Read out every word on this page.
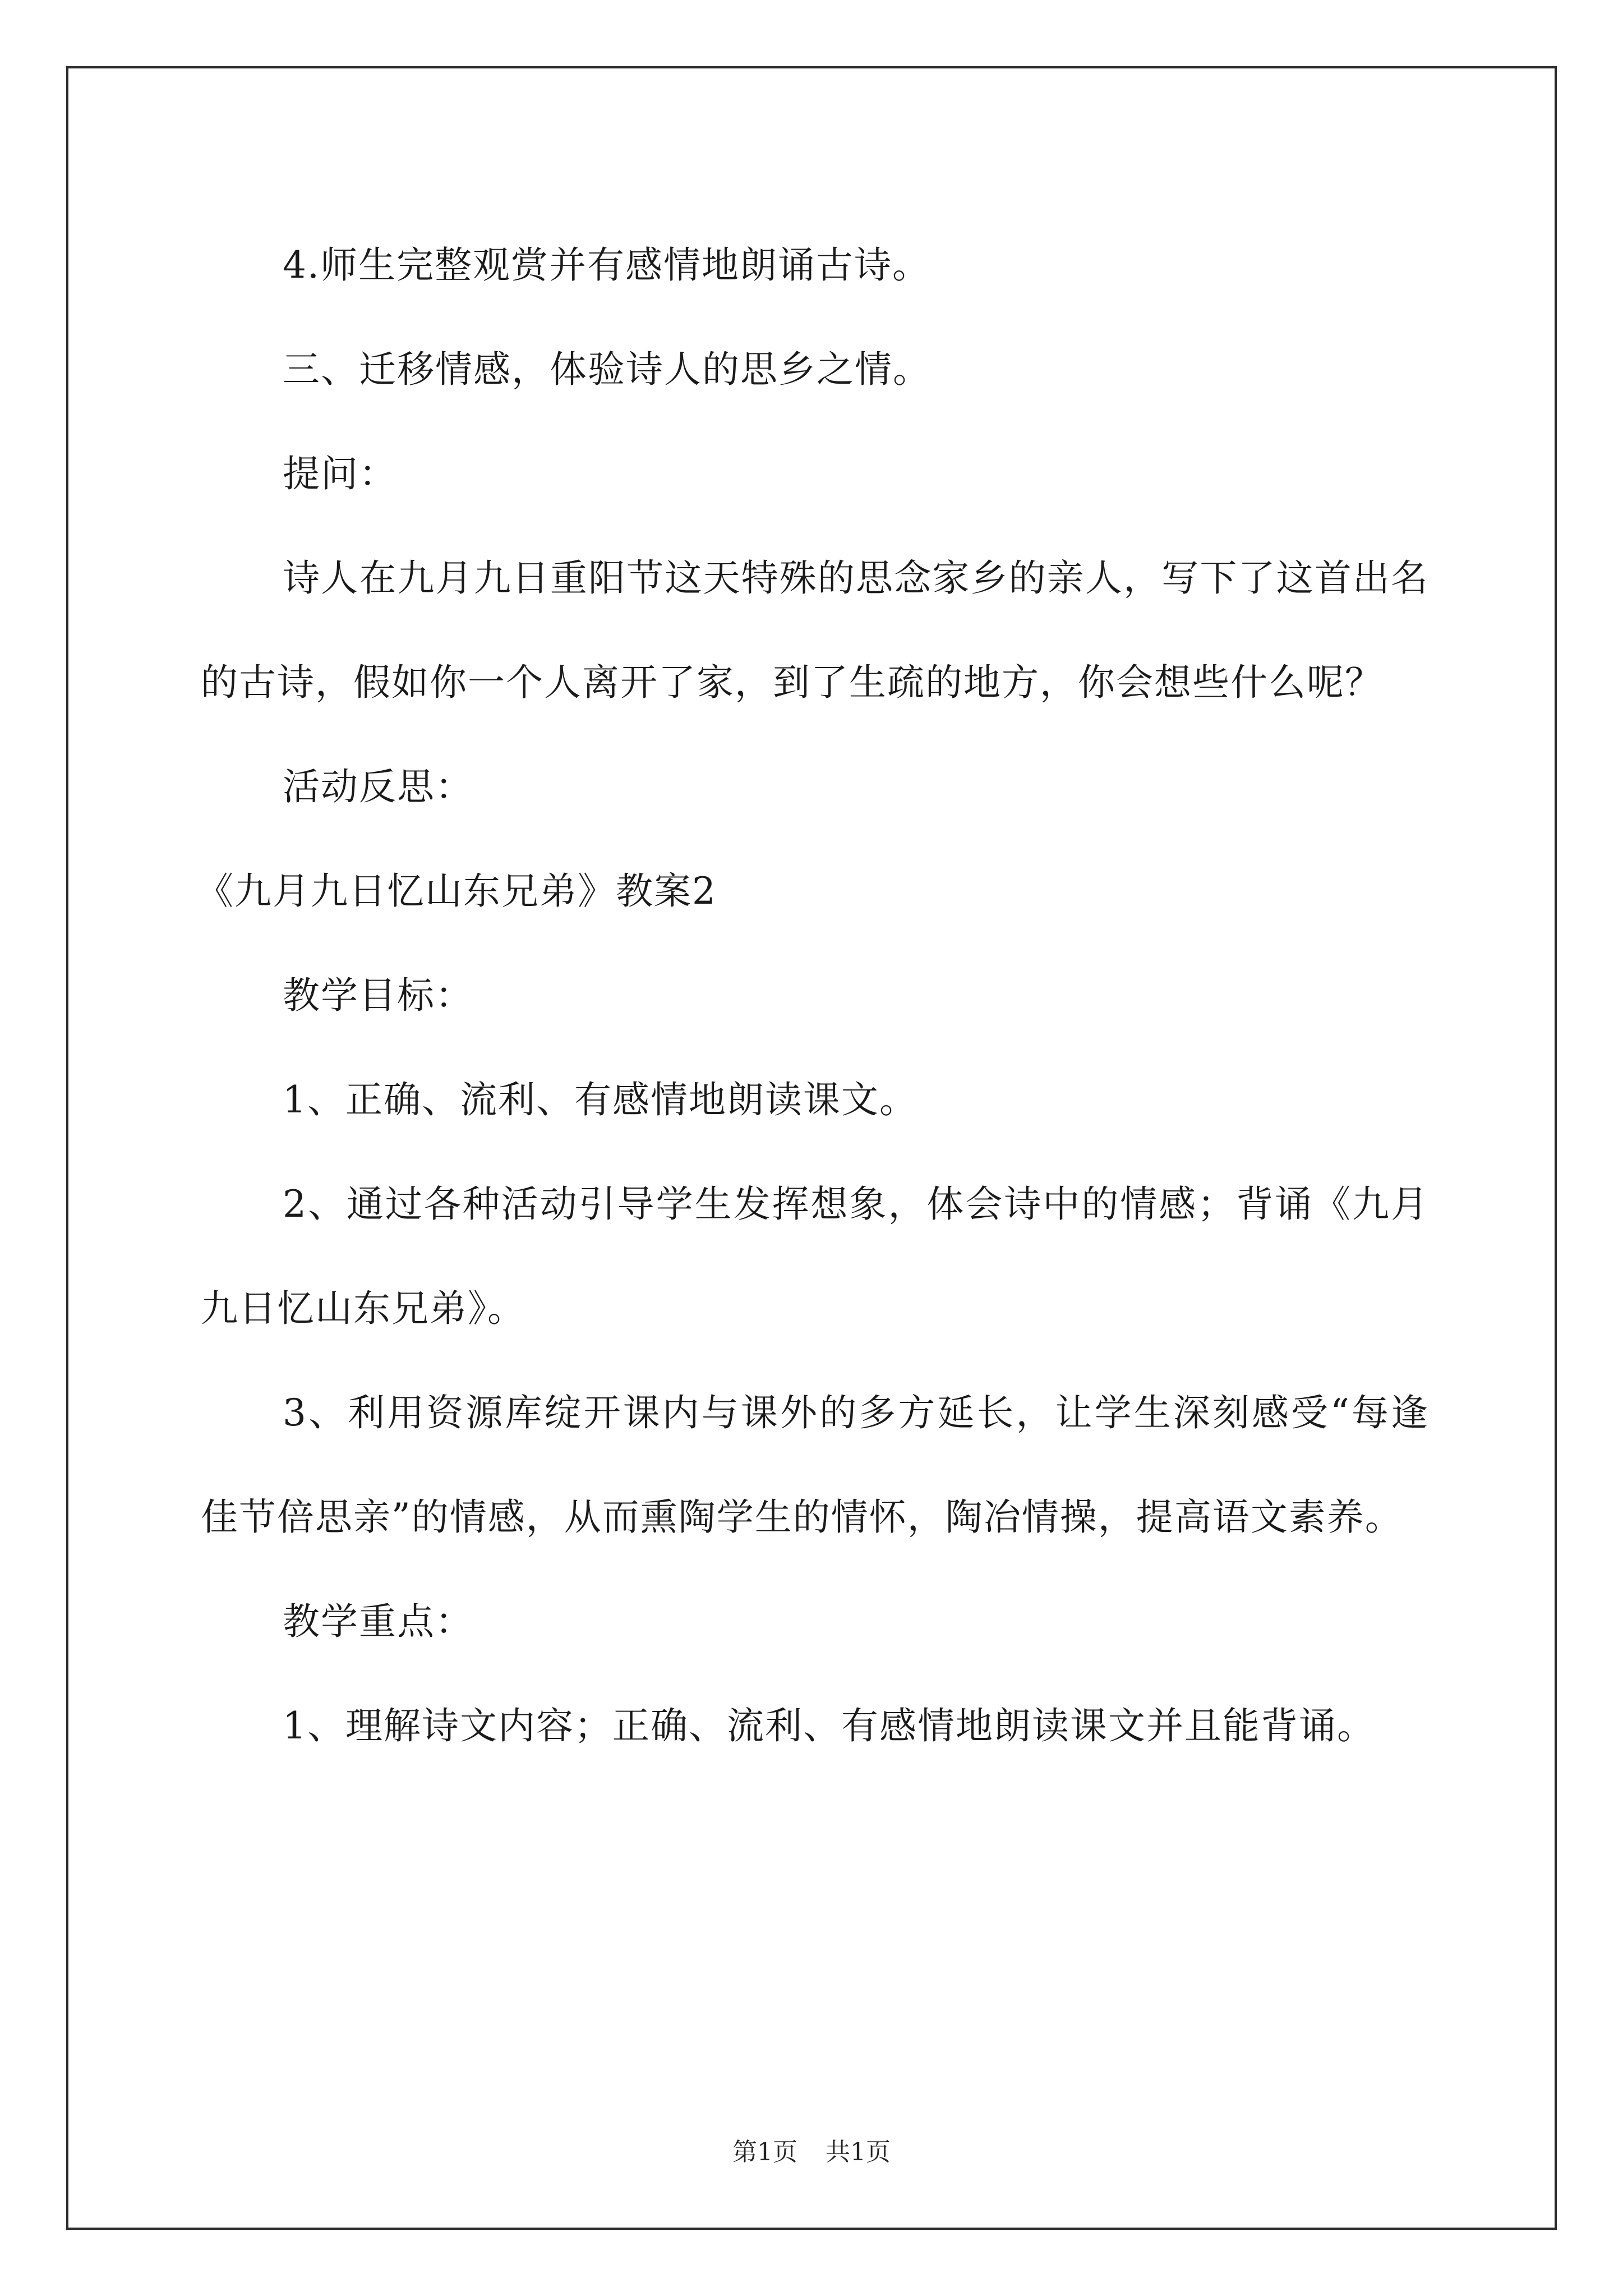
4.师生完整观赏并有感情地朗诵古诗。

三、迁移情感，体验诗人的思乡之情。

提问：

诗人在九月九日重阳节这天特殊的思念家乡的亲人，写下了这首出名的古诗，假如你一个人离开了家，到了生疏的地方，你会想些什么呢？

活动反思：

《九月九日忆山东兄弟》教案2

教学目标：

1、正确、流利、有感情地朗读课文。

2、通过各种活动引导学生发挥想象，体会诗中的情感；背诵《九月九日忆山东兄弟》。

3、利用资源库绽开课内与课外的多方延长，让学生深刻感受“每逢佳节倍思亲”的情感，从而熏陶学生的情怀，陶冶情操，提高语文素养。

教学重点：

1、理解诗文内容；正确、流利、有感情地朗读课文并且能背诵。

第1页 共1页
